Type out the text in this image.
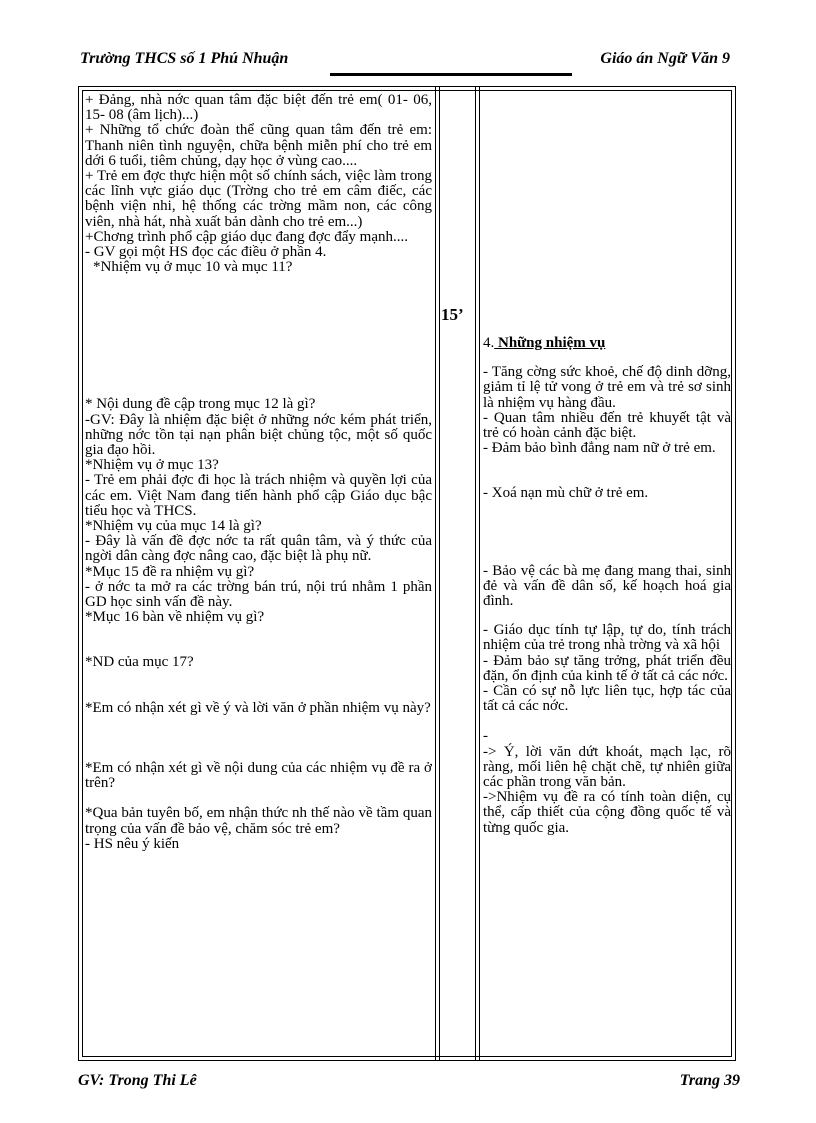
Trường THCS số 1 Phú Nhuận	Giáo án Ngữ Văn 9

+ Đảng, nhà nớc quan tâm đặc biệt đến trẻ em( 01- 06, 15- 08 (âm lịch)...)

+ Những tổ chức đoàn thể cũng quan tâm đến trẻ em: Thanh niên tình nguyện, chữa bệnh miễn phí cho trẻ em dới 6 tuổi, tiêm chủng, dạy học ở vùng cao....

+ Trẻ em đợc thực hiện một số chính sách, việc làm trong các lĩnh vực giáo dục (Trờng cho trẻ em câm điếc, các bệnh viện nhi, hệ thống các trờng mầm non, các công viên, nhà hát, nhà xuất bản dành cho trẻ em...)

+Chơng trình phổ cập giáo dục đang đợc đẩy mạnh....

- GV gọi một HS đọc các điều ở phần 4.

*Nhiệm vụ ở mục 10 và mục 11?

* Nội dung đề cập trong mục 12 là gì?

-GV: Đây là nhiệm đặc biệt ở những nớc kém phát triển, những nớc tồn tại nạn phân biệt chủng tộc, một số quốc gia đạo hồi.

*Nhiệm vụ ở mục 13?

- Trẻ em phải đợc đi học là trách nhiệm và quyền lợi của các em. Việt Nam đang tiến hành phổ cập Giáo dục bậc tiểu học và THCS.

*Nhiệm vụ của mục 14 là gì?

- Đây là vấn đề đợc nớc ta rất quân tâm, và ý thức của ngời dân càng đợc nâng cao, đặc biệt là phụ nữ.

*Mục 15 đề ra nhiệm vụ gì?

- ở nớc ta mở ra các trờng bán trú, nội trú nhằm 1 phần GD học sinh vấn đề này.

*Mục 16 bàn về nhiệm vụ gì?

*ND của mục 17?

*Em có nhận xét gì về ý và lời văn ở phần nhiệm vụ này?

*Em có nhận xét gì về nội dung của các nhiệm vụ đề ra ở trên?

*Qua bản tuyên bố, em nhận thức nh thế nào về tầm quan trọng của vấn đề bảo vệ, chăm sóc trẻ em?

- HS nêu ý kiến

15’

4. Những nhiệm vụ

- Tăng cờng sức khoẻ, chế độ dinh dỡng, giảm tỉ lệ tử vong ở trẻ em và trẻ sơ sinh là nhiệm vụ hàng đầu.

- Quan tâm nhiều đến trẻ khuyết tật và trẻ có hoàn cảnh đặc biệt.

- Đảm bảo bình đẳng nam nữ ở trẻ em.

- Xoá nạn mù chữ ở trẻ em.

- Bảo vệ các bà mẹ đang mang thai, sinh đẻ và vấn đề dân số, kế hoạch hoá gia đình.

- Giáo dục tính tự lập, tự do, tính trách nhiệm của trẻ trong nhà trờng và xã hội

- Đảm bảo sự tăng trởng, phát triển đều đặn, ổn định của kinh tế ở tất cả các nớc.

- Cần có sự nỗ lực liên tục, hợp tác của tất cả các nớc.

-

-> Ý, lời văn dứt khoát, mạch lạc, rõ ràng, mối liên hệ chặt chẽ, tự nhiên giữa các phần trong văn bản.

->Nhiệm vụ đề ra có tính toàn diện, cụ thể, cấp thiết của cộng đồng quốc tế và từng quốc gia.

GV: Trong Thi Lê	Trang 39
